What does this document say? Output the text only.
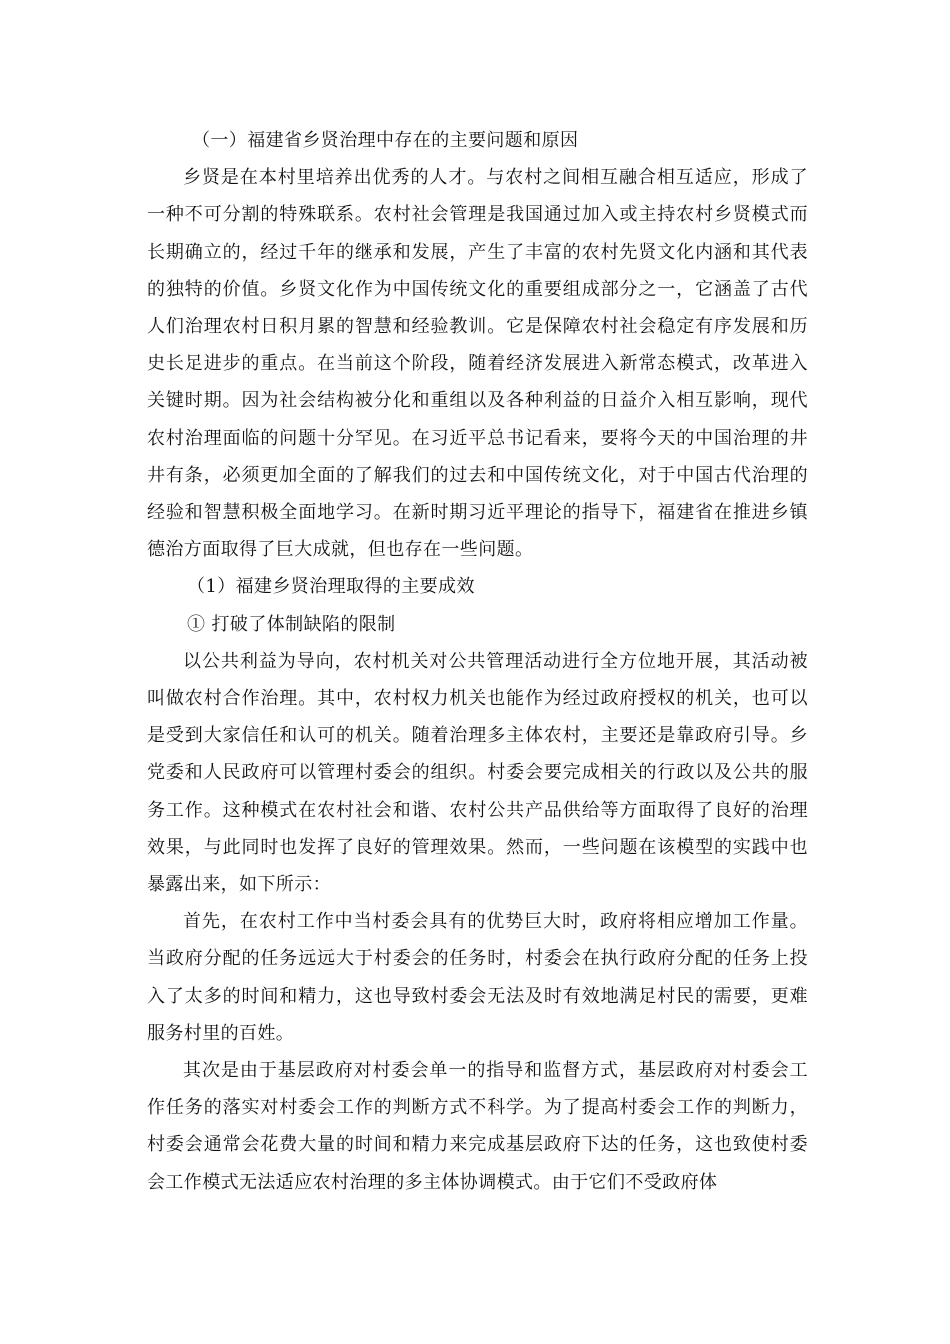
（一）福建省乡贤治理中存在的主要问题和原因

乡贤是在本村里培养出优秀的人才。与农村之间相互融合相互适应，形成了一种不可分割的特殊联系。农村社会管理是我国通过加入或主持农村乡贤模式而长期确立的，经过千年的继承和发展，产生了丰富的农村先贤文化内涵和其代表的独特的价值。乡贤文化作为中国传统文化的重要组成部分之一，它涵盖了古代人们治理农村日积月累的智慧和经验教训。它是保障农村社会稳定有序发展和历史长足进步的重点。在当前这个阶段，随着经济发展进入新常态模式，改革进入关键时期。因为社会结构被分化和重组以及各种利益的日益介入相互影响，现代农村治理面临的问题十分罕见。在习近平总书记看来，要将今天的中国治理的井井有条，必须更加全面的了解我们的过去和中国传统文化，对于中国古代治理的经验和智慧积极全面地学习。在新时期习近平理论的指导下，福建省在推进乡镇德治方面取得了巨大成就，但也存在一些问题。

（1）福建乡贤治理取得的主要成效

① 打破了体制缺陷的限制

以公共利益为导向，农村机关对公共管理活动进行全方位地开展，其活动被叫做农村合作治理。其中，农村权力机关也能作为经过政府授权的机关，也可以是受到大家信任和认可的机关。随着治理多主体农村，主要还是靠政府引导。乡党委和人民政府可以管理村委会的组织。村委会要完成相关的行政以及公共的服务工作。这种模式在农村社会和谐、农村公共产品供给等方面取得了良好的治理效果，与此同时也发挥了良好的管理效果。然而，一些问题在该模型的实践中也暴露出来，如下所示：

首先，在农村工作中当村委会具有的优势巨大时，政府将相应增加工作量。当政府分配的任务远远大于村委会的任务时，村委会在执行政府分配的任务上投入了太多的时间和精力，这也导致村委会无法及时有效地满足村民的需要，更难服务村里的百姓。

其次是由于基层政府对村委会单一的指导和监督方式，基层政府对村委会工作任务的落实对村委会工作的判断方式不科学。为了提高村委会工作的判断力，村委会通常会花费大量的时间和精力来完成基层政府下达的任务，这也致使村委会工作模式无法适应农村治理的多主体协调模式。由于它们不受政府体
